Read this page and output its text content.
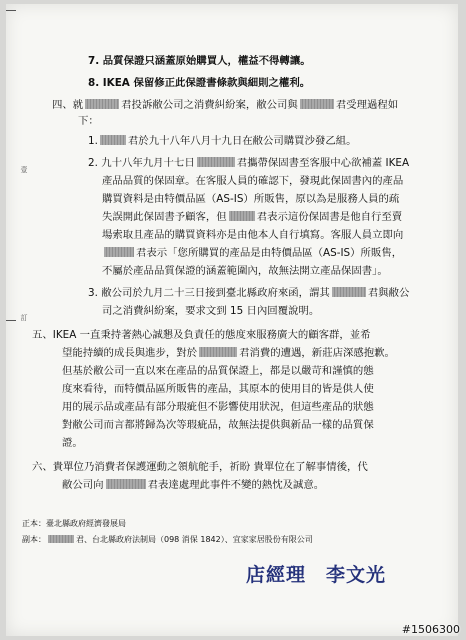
壹
訂
7. 品質保證只涵蓋原始購買人，權益不得轉讓。
8. IKEA 保留修正此保證書條款與細則之權利。
四、就	君投訴敝公司之消費糾紛案，敝公司與	君受理過程如
下：
1.	君於九十八年八月十九日在敝公司購買沙發乙組。
2. 九十八年九月十七日	君攜帶保固書至客服中心欲補蓋 IKEA
產品品質的保固章。在客服人員的確認下，發現此保固書內的產品
購買資料是由特價品區（AS-IS）所販售，原以為是服務人員的疏
失誤開此保固書予顧客，但	君表示這份保固書是他自行至賣
場索取且產品的購買資料亦是由他本人自行填寫。客服人員立即向
君表示「您所購買的產品是由特價品區（AS-IS）所販售，
不屬於產品品質保證的涵蓋範圍內，故無法開立產品保固書」。
3. 敝公司於九月二十三日接到臺北縣政府來函，謂其	君與敝公
司之消費糾紛案，要求文到 15 日內回覆說明。
五、IKEA 一直秉持著熱心誠懇及負責任的態度來服務廣大的顧客群，並希
望能持續的成長與進步，對於	君消費的遭遇，新莊店深感抱歉。
但基於敝公司一直以來在產品的品質保證上，都是以嚴苛和謹慎的態
度來看待，而特價品區所販售的產品，其原本的使用目的皆是供人使
用的展示品或產品有部分瑕疵但不影響使用狀況，但這些產品的狀態
對敝公司而言都將歸為次等瑕疵品，故無法提供與新品一樣的品質保
證。
六、貴單位乃消費者保護運動之領航舵手，祈盼 貴單位在了解事情後，代
敝公司向	君表達處理此事件不變的熱忱及誠意。
正本：臺北縣政府經濟發展局
副本：	君、台北縣政府法制局（098 消保 1842）、宜家家居股份有限公司
店經理　李文光
#1506300
